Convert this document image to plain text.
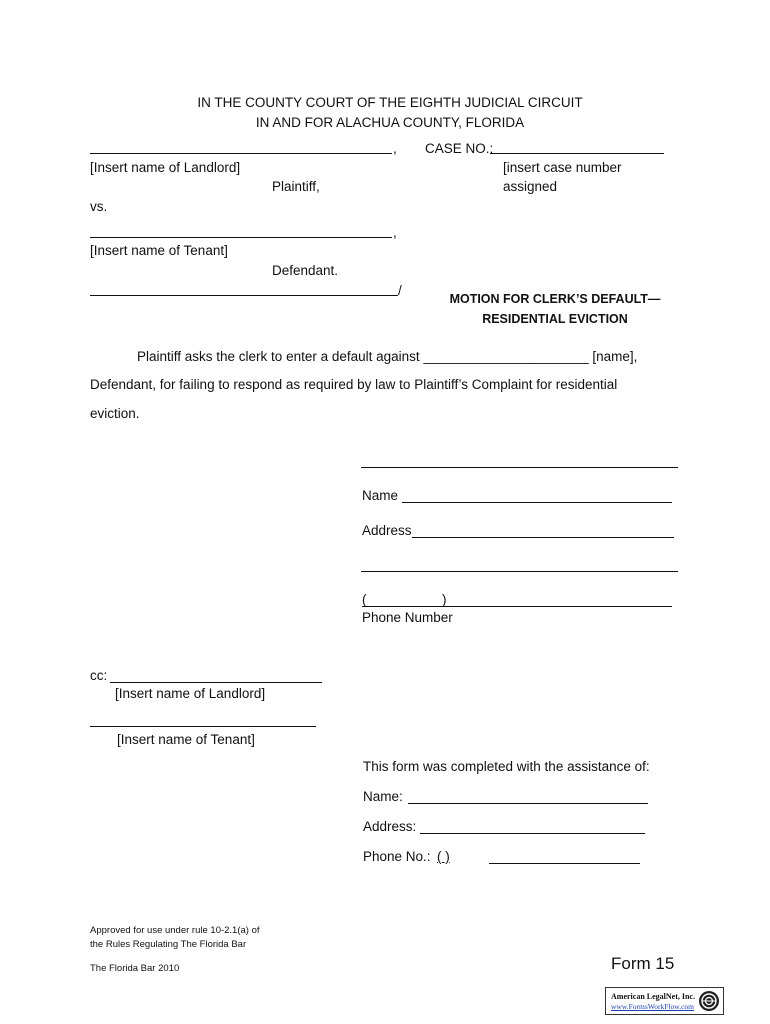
IN THE COUNTY COURT OF THE EIGHTH JUDICIAL CIRCUIT
IN AND FOR ALACHUA COUNTY, FLORIDA
,
[Insert name of Landlord]
Plaintiff,
vs.
CASE NO.:
[insert case number
assigned
,
[Insert name of Tenant]
Defendant.
/
MOTION FOR CLERK’S DEFAULT—
RESIDENTIAL EVICTION
Plaintiff asks the clerk to enter a default against ______________________ [name],
Defendant, for failing to respond as required by law to Plaintiff’s Complaint for residential
eviction.
Name
Address
(	)
Phone Number
cc:
[Insert name of Landlord]
[Insert name of Tenant]
This form was completed with the assistance of:
Name:
Address:
Phone No.: ( )
Approved for use under rule 10-2.1(a) of
the Rules Regulating The Florida Bar
The Florida Bar 2010	Form 15
American LegalNet, Inc.
www.FormsWorkFlow.com
